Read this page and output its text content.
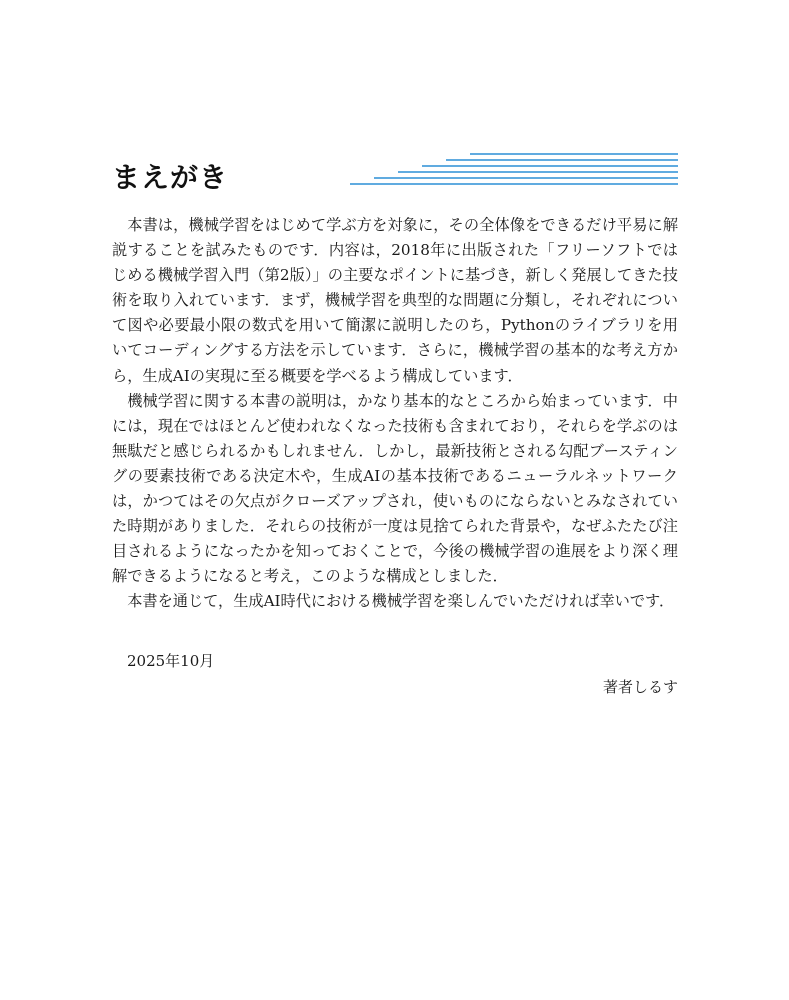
まえがき

本書は，機械学習をはじめて学ぶ方を対象に，その全体像をできるだけ平易に解説することを試みたものです．内容は，2018年に出版された「フリーソフトではじめる機械学習入門（第2版）」の主要なポイントに基づき，新しく発展してきた技術を取り入れています．まず，機械学習を典型的な問題に分類し，それぞれについて図や必要最小限の数式を用いて簡潔に説明したのち，Pythonのライブラリを用いてコーディングする方法を示しています．さらに，機械学習の基本的な考え方から，生成AIの実現に至る概要を学べるよう構成しています．

機械学習に関する本書の説明は，かなり基本的なところから始まっています．中には，現在ではほとんど使われなくなった技術も含まれており，それらを学ぶのは無駄だと感じられるかもしれません．しかし，最新技術とされる勾配ブースティングの要素技術である決定木や，生成AIの基本技術であるニューラルネットワークは，かつてはその欠点がクローズアップされ，使いものにならないとみなされていた時期がありました．それらの技術が一度は見捨てられた背景や，なぜふたたび注目されるようになったかを知っておくことで，今後の機械学習の進展をより深く理解できるようになると考え，このような構成としました．

本書を通じて，生成AI時代における機械学習を楽しんでいただければ幸いです．

2025年10月
著者しるす
